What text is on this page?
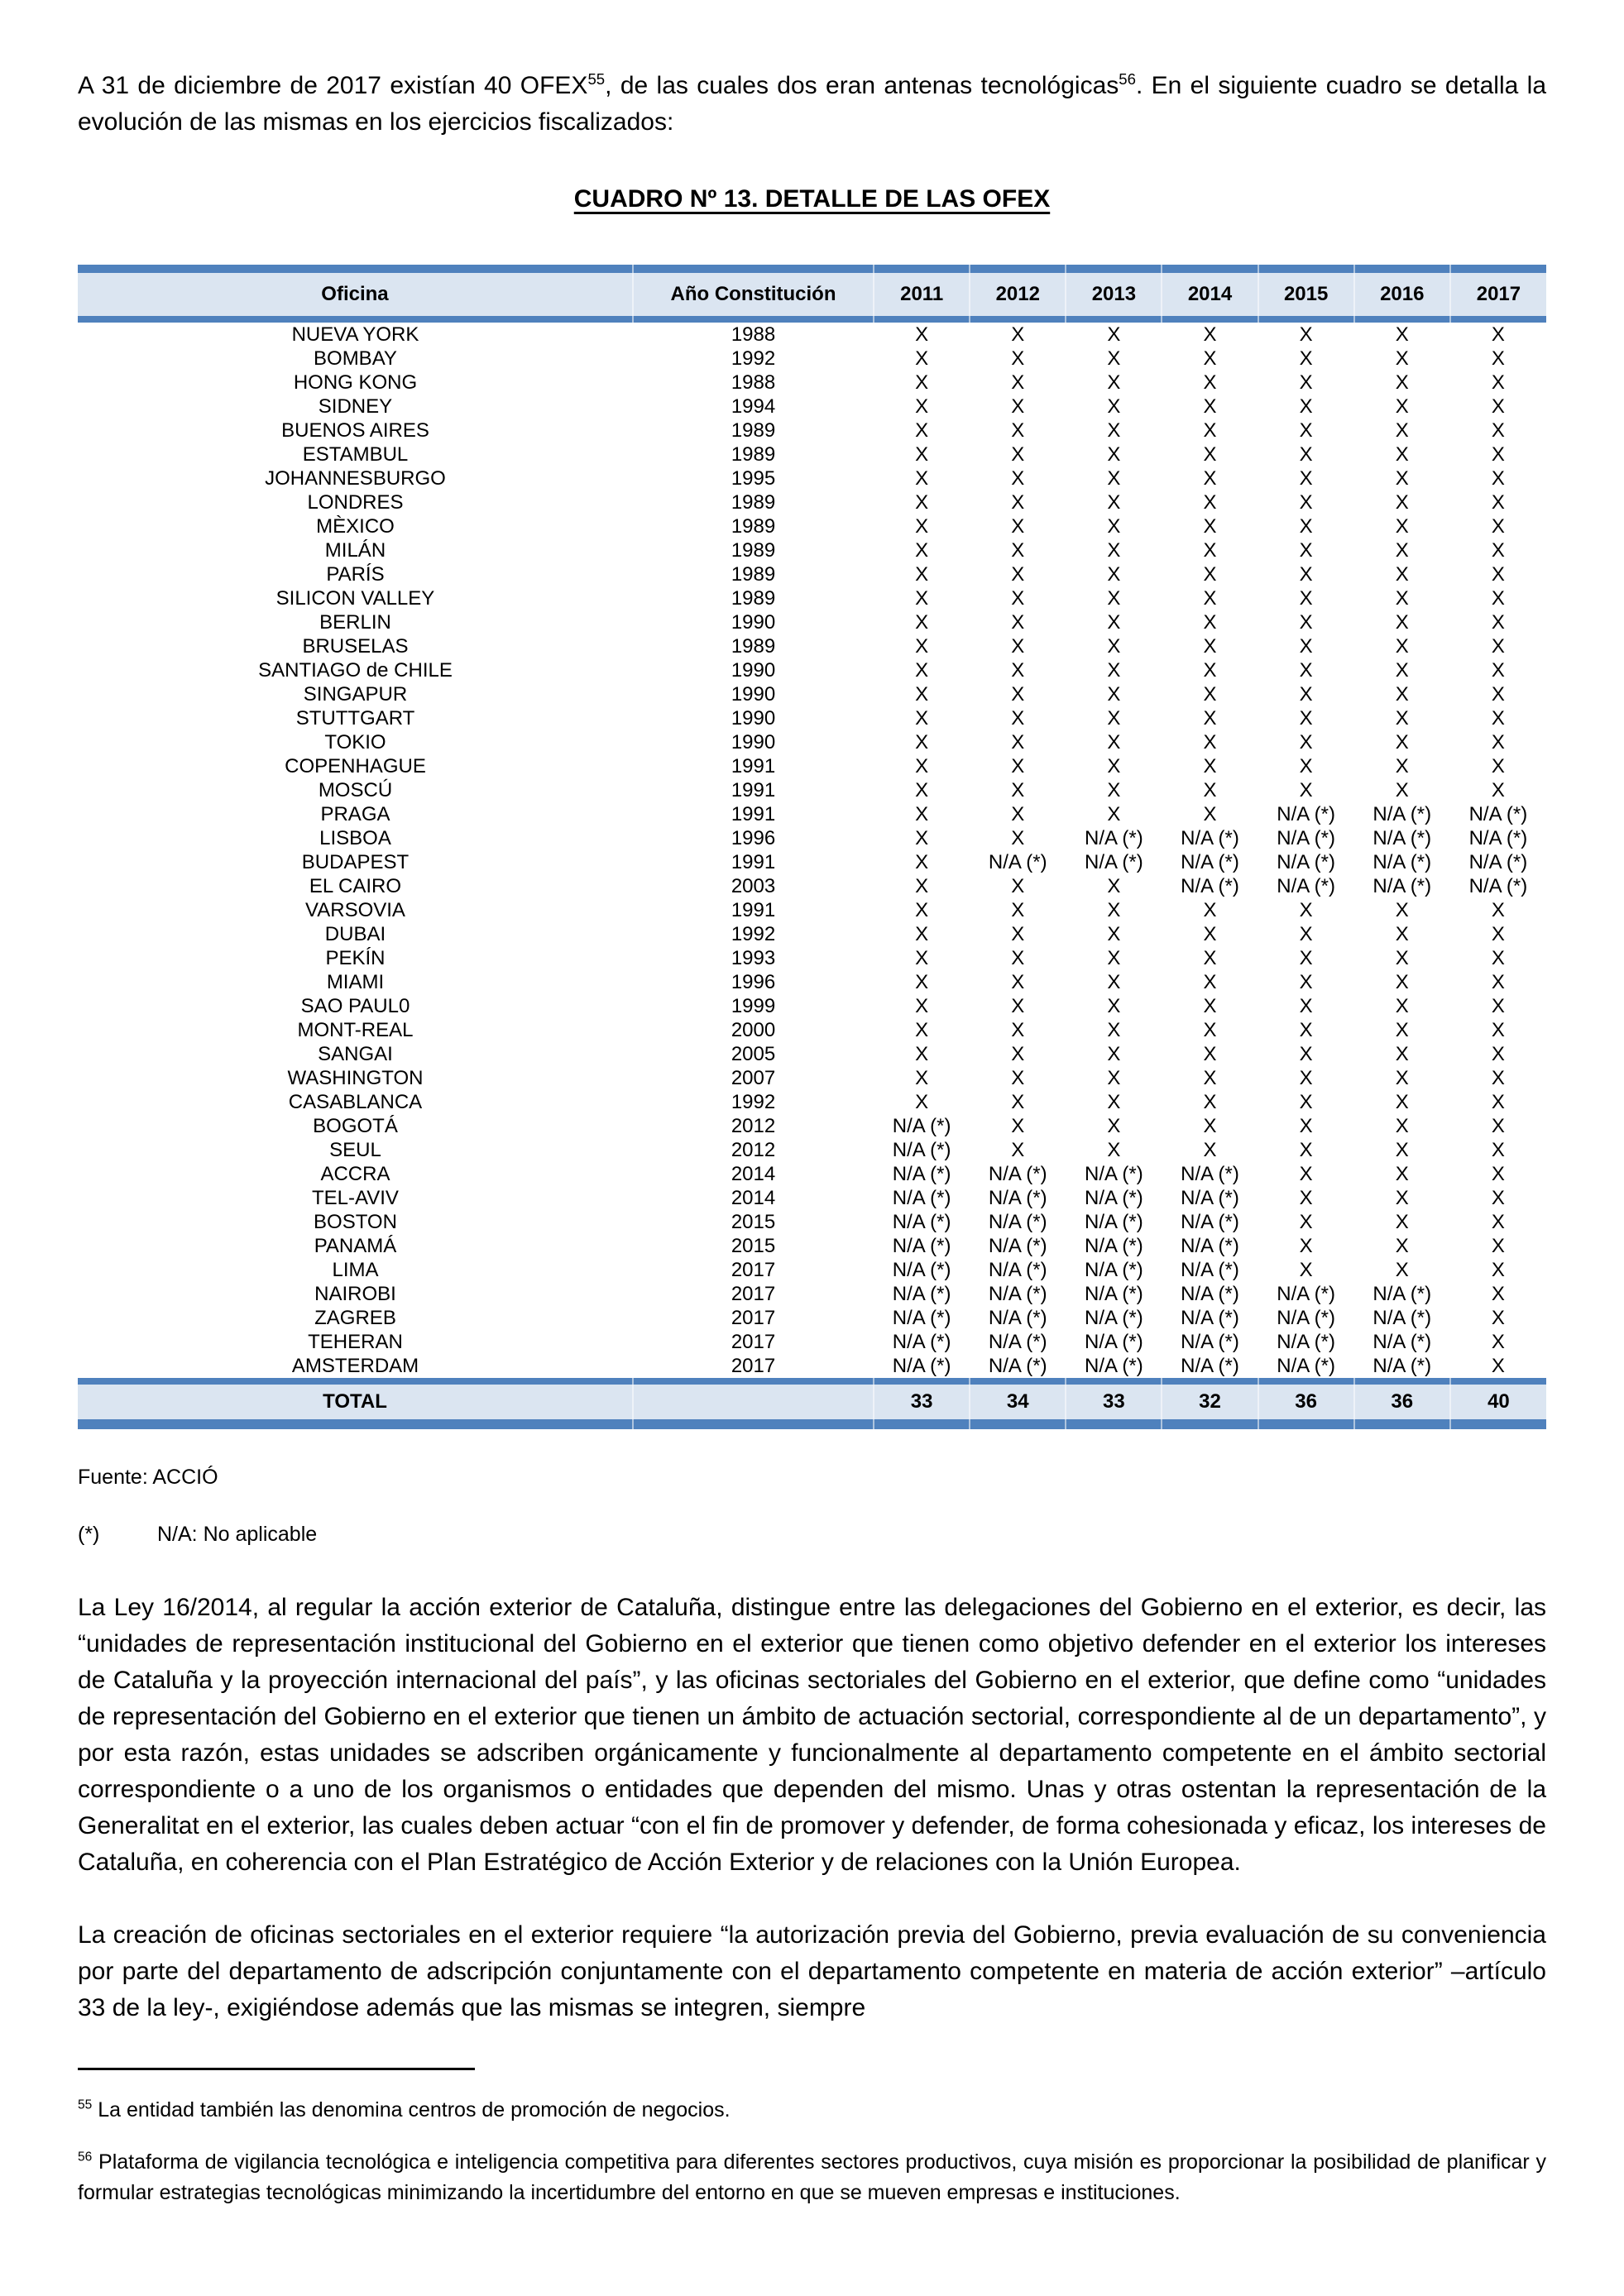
A 31 de diciembre de 2017 existían 40 OFEX$^{55}$, de las cuales dos eran antenas tecnológicas$^{56}$. En el siguiente cuadro se detalla la evolución de las mismas en los ejercicios fiscalizados:

CUADRO Nº 13. DETALLE DE LAS OFEX

Oficina	Año Constitución	2011	2012	2013	2014	2015	2016	2017

NUEVA YORK	1988	X	X	X	X	X	X	X
BOMBAY	1992	X	X	X	X	X	X	X
HONG KONG	1988	X	X	X	X	X	X	X
SIDNEY	1994	X	X	X	X	X	X	X
BUENOS AIRES	1989	X	X	X	X	X	X	X
ESTAMBUL	1989	X	X	X	X	X	X	X
JOHANNESBURGO	1995	X	X	X	X	X	X	X
LONDRES	1989	X	X	X	X	X	X	X
MÈXICO	1989	X	X	X	X	X	X	X
MILÁN	1989	X	X	X	X	X	X	X
PARÍS	1989	X	X	X	X	X	X	X
SILICON VALLEY	1989	X	X	X	X	X	X	X
BERLIN	1990	X	X	X	X	X	X	X
BRUSELAS	1989	X	X	X	X	X	X	X
SANTIAGO de CHILE	1990	X	X	X	X	X	X	X
SINGAPUR	1990	X	X	X	X	X	X	X
STUTTGART	1990	X	X	X	X	X	X	X
TOKIO	1990	X	X	X	X	X	X	X
COPENHAGUE	1991	X	X	X	X	X	X	X
MOSCÚ	1991	X	X	X	X	X	X	X
PRAGA	1991	X	X	X	X	N/A (*)	N/A (*)	N/A (*)
LISBOA	1996	X	X	N/A (*)	N/A (*)	N/A (*)	N/A (*)	N/A (*)
BUDAPEST	1991	X	N/A (*)	N/A (*)	N/A (*)	N/A (*)	N/A (*)	N/A (*)
EL CAIRO	2003	X	X	X	N/A (*)	N/A (*)	N/A (*)	N/A (*)
VARSOVIA	1991	X	X	X	X	X	X	X
DUBAI	1992	X	X	X	X	X	X	X
PEKÍN	1993	X	X	X	X	X	X	X
MIAMI	1996	X	X	X	X	X	X	X
SAO PAUL0	1999	X	X	X	X	X	X	X
MONT-REAL	2000	X	X	X	X	X	X	X
SANGAI	2005	X	X	X	X	X	X	X
WASHINGTON	2007	X	X	X	X	X	X	X
CASABLANCA	1992	X	X	X	X	X	X	X
BOGOTÁ	2012	N/A (*)	X	X	X	X	X	X
SEUL	2012	N/A (*)	X	X	X	X	X	X
ACCRA	2014	N/A (*)	N/A (*)	N/A (*)	N/A (*)	X	X	X
TEL-AVIV	2014	N/A (*)	N/A (*)	N/A (*)	N/A (*)	X	X	X
BOSTON	2015	N/A (*)	N/A (*)	N/A (*)	N/A (*)	X	X	X
PANAMÁ	2015	N/A (*)	N/A (*)	N/A (*)	N/A (*)	X	X	X
LIMA	2017	N/A (*)	N/A (*)	N/A (*)	N/A (*)	X	X	X
NAIROBI	2017	N/A (*)	N/A (*)	N/A (*)	N/A (*)	N/A (*)	N/A (*)	X
ZAGREB	2017	N/A (*)	N/A (*)	N/A (*)	N/A (*)	N/A (*)	N/A (*)	X
TEHERAN	2017	N/A (*)	N/A (*)	N/A (*)	N/A (*)	N/A (*)	N/A (*)	X
AMSTERDAM	2017	N/A (*)	N/A (*)	N/A (*)	N/A (*)	N/A (*)	N/A (*)	X

TOTAL		33	34	33	32	36	36	40

Fuente: ACCIÓ

(*)	N/A: No aplicable

La Ley 16/2014, al regular la acción exterior de Cataluña, distingue entre las delegaciones del Gobierno en el exterior, es decir, las “unidades de representación institucional del Gobierno en el exterior que tienen como objetivo defender en el exterior los intereses de Cataluña y la proyección internacional del país”, y las oficinas sectoriales del Gobierno en el exterior, que define como “unidades de representación del Gobierno en el exterior que tienen un ámbito de actuación sectorial, correspondiente al de un departamento”, y por esta razón, estas unidades se adscriben orgánicamente y funcionalmente al departamento competente en el ámbito sectorial correspondiente o a uno de los organismos o entidades que dependen del mismo. Unas y otras ostentan la representación de la Generalitat en el exterior, las cuales deben actuar “con el fin de promover y defender, de forma cohesionada y eficaz, los intereses de Cataluña, en coherencia con el Plan Estratégico de Acción Exterior y de relaciones con la Unión Europea.

La creación de oficinas sectoriales en el exterior requiere “la autorización previa del Gobierno, previa evaluación de su conveniencia por parte del departamento de adscripción conjuntamente con el departamento competente en materia de acción exterior” –artículo 33 de la ley-, exigiéndose además que las mismas se integren, siempre

$^{55}$ La entidad también las denomina centros de promoción de negocios.

$^{56}$ Plataforma de vigilancia tecnológica e inteligencia competitiva para diferentes sectores productivos, cuya misión es proporcionar la posibilidad de planificar y formular estrategias tecnológicas minimizando la incertidumbre del entorno en que se mueven empresas e instituciones.
